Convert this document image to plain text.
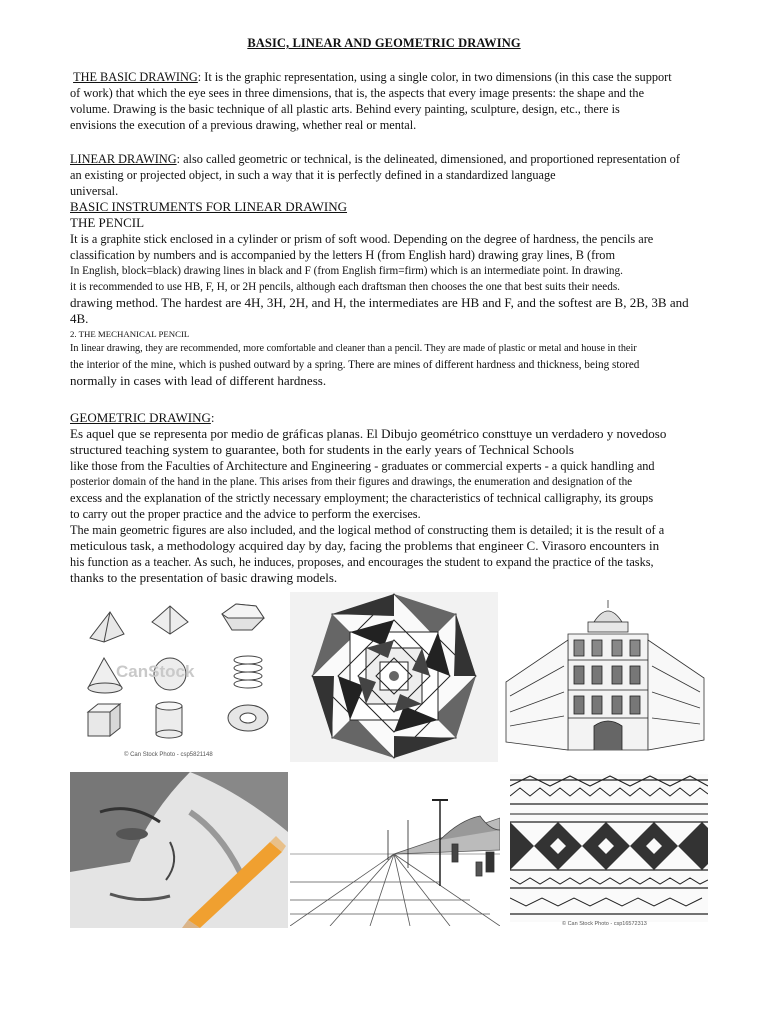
BASIC, LINEAR AND GEOMETRIC DRAWING
THE BASIC DRAWING: It is the graphic representation, using a single color, in two dimensions (in this case the support
of work) that which the eye sees in three dimensions, that is, the aspects that every image presents: the shape and the
volume. Drawing is the basic technique of all plastic arts. Behind every painting, sculpture, design, etc., there is
envisions the execution of a previous drawing, whether real or mental.
LINEAR DRAWING: also called geometric or technical, is the delineated, dimensioned, and proportioned representation of
an existing or projected object, in such a way that it is perfectly defined in a standardized language
universal.
BASIC INSTRUMENTS FOR LINEAR DRAWING
THE PENCIL
It is a graphite stick enclosed in a cylinder or prism of soft wood. Depending on the degree of hardness, the pencils are
classification by numbers and is accompanied by the letters H (from English hard) drawing gray lines, B (from
In English, block=black) drawing lines in black and F (from English firm=firm) which is an intermediate point. In drawing.
it is recommended to use HB, F, H, or 2H pencils, although each draftsman then chooses the one that best suits their needs.
drawing method. The hardest are 4H, 3H, 2H, and H, the intermediates are HB and F, and the softest are B, 2B, 3B and
4B.
2. THE MECHANICAL PENCIL
In linear drawing, they are recommended, more comfortable and cleaner than a pencil. They are made of plastic or metal and house in their
the interior of the mine, which is pushed outward by a spring. There are mines of different hardness and thickness, being stored
normally in cases with lead of different hardness.
GEOMETRIC DRAWING:
Es aquel que se representa por medio de gráficas planas. El Dibujo geométrico consttuye un verdadero y novedoso
structured teaching system to guarantee, both for students in the early years of Technical Schools
like those from the Faculties of Architecture and Engineering - graduates or commercial experts - a quick handling and
posterior domain of the hand in the plane. This arises from their figures and drawings, the enumeration and designation of the
excess and the explanation of the strictly necessary employment; the characteristics of technical calligraphy, its groups
to carry out the proper practice and the advice to perform the exercises.
The main geometric figures are also included, and the logical method of constructing them is detailed; it is the result of a
meticulous task, a methodology acquired day by day, facing the problems that engineer C. Virasoro encounters in
his function as a teacher. As such, he induces, proposes, and encourages the student to expand the practice of the tasks,
thanks to the presentation of basic drawing models.
CanStock
© Can Stock Photo - csp5821148
© Can Stock Photo - csp16572313
